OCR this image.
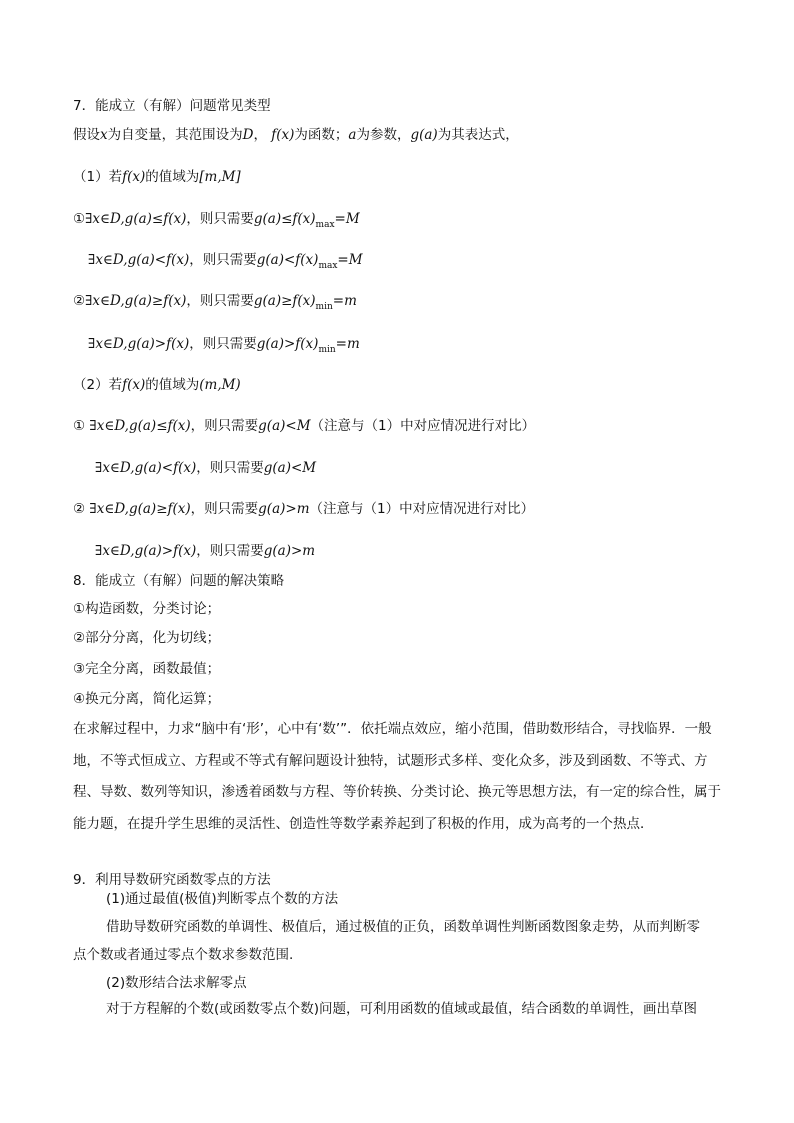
7．能成立（有解）问题常见类型
假设x为自变量，其范围设为D， f(x)为函数；a为参数，g(a)为其表达式，
（1）若f(x)的值域为[m,M]
①∃x∈D,g(a)≤f(x)，则只需要$g(a)\le f(x)_{max}=M$
∃x∈D,g(a)<f(x)，则只需要$g(a)<f(x)_{max}=M$
②∃x∈D,g(a)≥f(x)，则只需要$g(a)\ge f(x)_{min}=m$
∃x∈D,g(a)>f(x)，则只需要$g(a)>f(x)_{min}=m$
（2）若f(x)的值域为(m,M)
① ∃x∈D,g(a)≤f(x)，则只需要g(a)<M（注意与（1）中对应情况进行对比）
∃x∈D,g(a)<f(x)，则只需要g(a)<M
② ∃x∈D,g(a)≥f(x)，则只需要g(a)>m（注意与（1）中对应情况进行对比）
∃x∈D,g(a)>f(x)，则只需要g(a)>m
8．能成立（有解）问题的解决策略
①构造函数，分类讨论；
②部分分离，化为切线；
③完全分离，函数最值；
④换元分离，简化运算；
在求解过程中，力求“脑中有‘形’，心中有‘数’”．依托端点效应，缩小范围，借助数形结合，寻找临界．一般地，不等式恒成立、方程或不等式有解问题设计独特，试题形式多样、变化众多，涉及到函数、不等式、方程、导数、数列等知识，渗透着函数与方程、等价转换、分类讨论、换元等思想方法，有一定的综合性，属于能力题，在提升学生思维的灵活性、创造性等数学素养起到了积极的作用，成为高考的一个热点．
9．利用导数研究函数零点的方法
(1)通过最值(极值)判断零点个数的方法
借助导数研究函数的单调性、极值后，通过极值的正负，函数单调性判断函数图象走势，从而判断零
点个数或者通过零点个数求参数范围.
(2)数形结合法求解零点
对于方程解的个数(或函数零点个数)问题，可利用函数的值域或最值，结合函数的单调性，画出草图
